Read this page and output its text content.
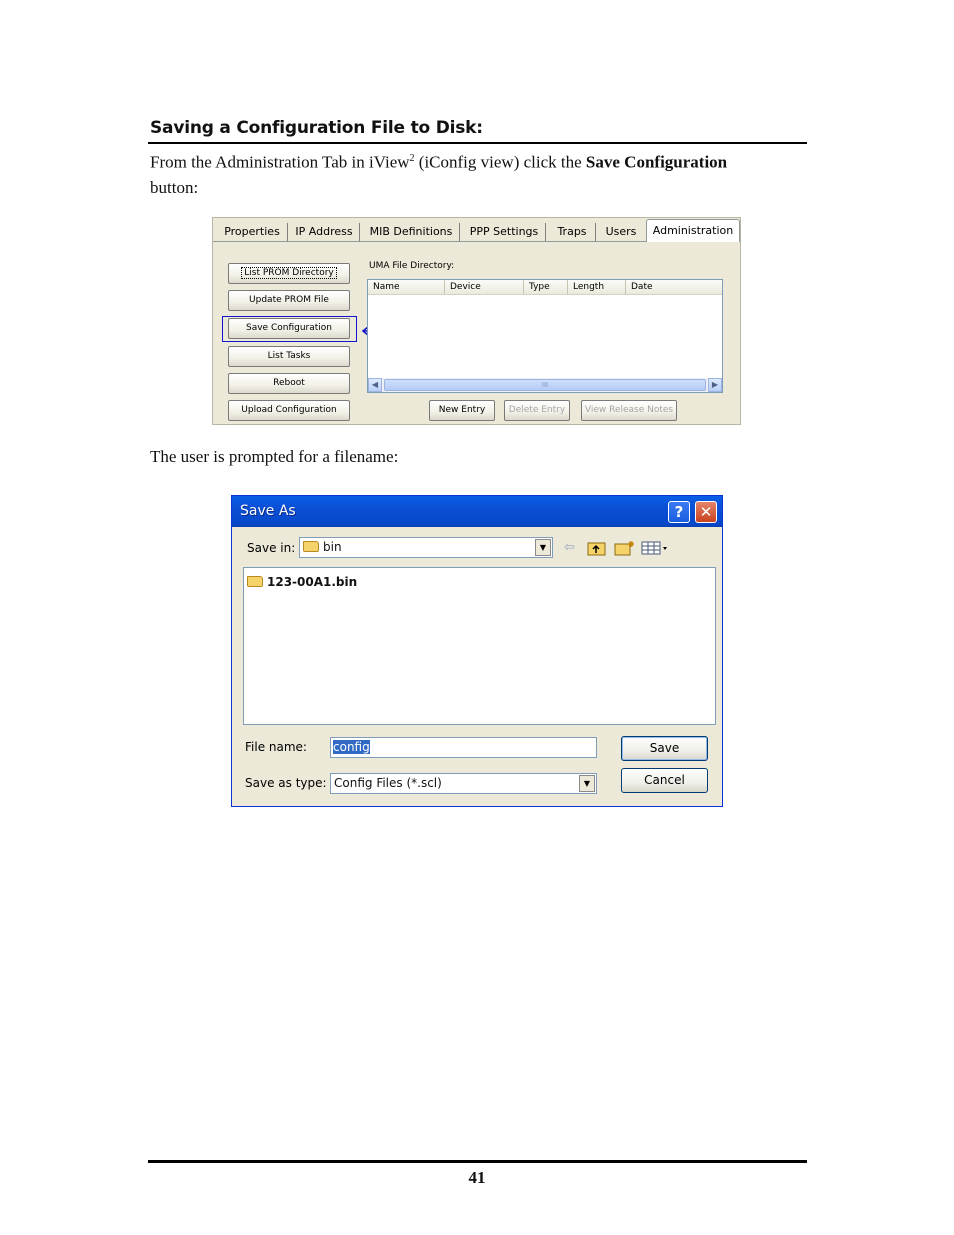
Saving a Configuration File to Disk:
From the Administration Tab in iView$^2$ (iConfig view) click the Save Configuration
button:
Properties	IP Address	MIB Definitions	PPP Settings	Traps	Users	Administration
List PROM Directory
Update PROM File
Save Configuration
List Tasks
Reboot
Upload Configuration
UMA File Directory:
Name	Device	Type	Length	Date
◀	III	▶
New Entry	Delete Entry	View Release Notes
The user is prompted for a filename:
Save As	?	✕
Save in:	bin	▼	⇦
123-00A1.bin
File name: config	Save
Save as type: Config Files (*.scl)	▼	Cancel
41
